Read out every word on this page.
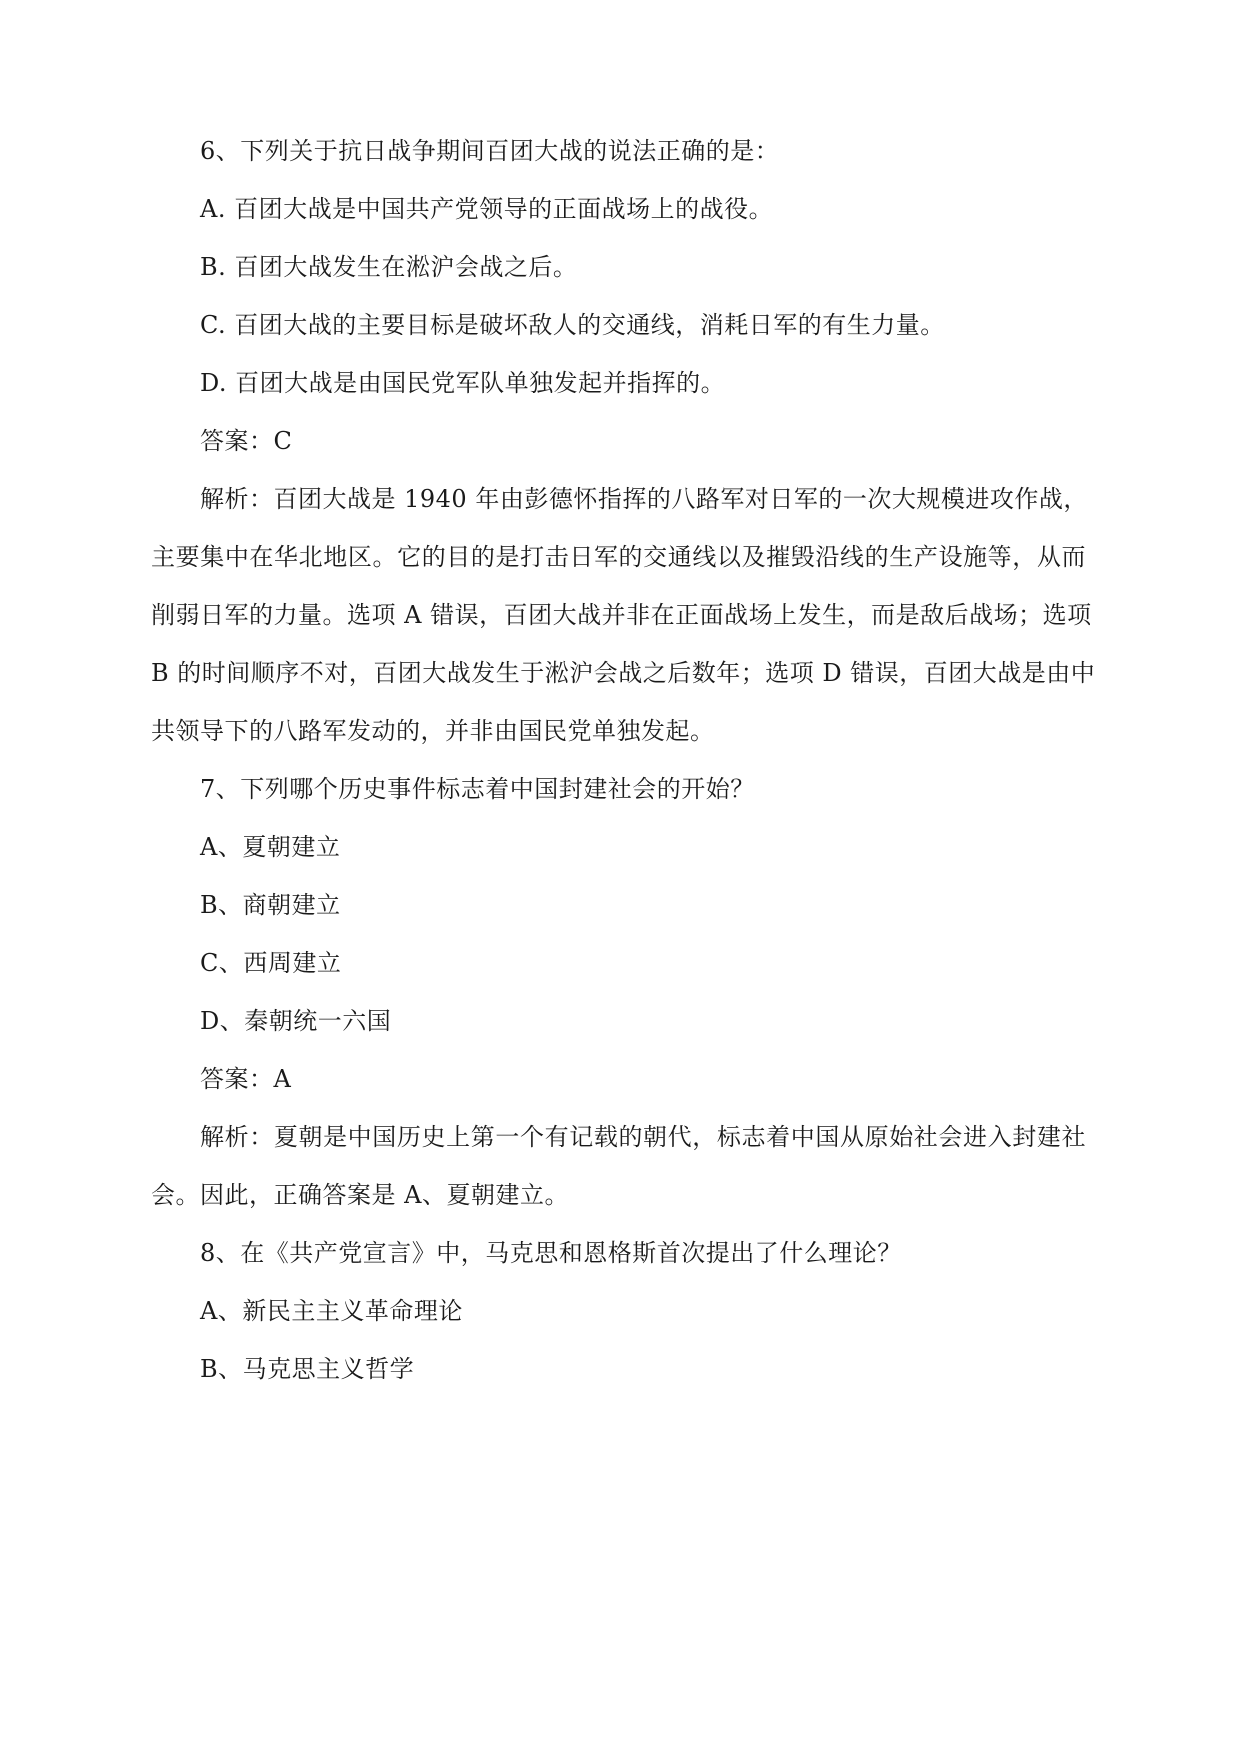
6、下列关于抗日战争期间百团大战的说法正确的是：
A. 百团大战是中国共产党领导的正面战场上的战役。
B. 百团大战发生在淞沪会战之后。
C. 百团大战的主要目标是破坏敌人的交通线，消耗日军的有生力量。
D. 百团大战是由国民党军队单独发起并指挥的。
答案：C
解析：百团大战是 1940 年由彭德怀指挥的八路军对日军的一次大规模进攻作战，
主要集中在华北地区。它的目的是打击日军的交通线以及摧毁沿线的生产设施等，从而
削弱日军的力量。选项 A 错误，百团大战并非在正面战场上发生，而是敌后战场；选项
B 的时间顺序不对，百团大战发生于淞沪会战之后数年；选项 D 错误，百团大战是由中
共领导下的八路军发动的，并非由国民党单独发起。
7、下列哪个历史事件标志着中国封建社会的开始？
A、夏朝建立
B、商朝建立
C、西周建立
D、秦朝统一六国
答案：A
解析：夏朝是中国历史上第一个有记载的朝代，标志着中国从原始社会进入封建社
会。因此，正确答案是 A、夏朝建立。
8、在《共产党宣言》中，马克思和恩格斯首次提出了什么理论？
A、新民主主义革命理论
B、马克思主义哲学
